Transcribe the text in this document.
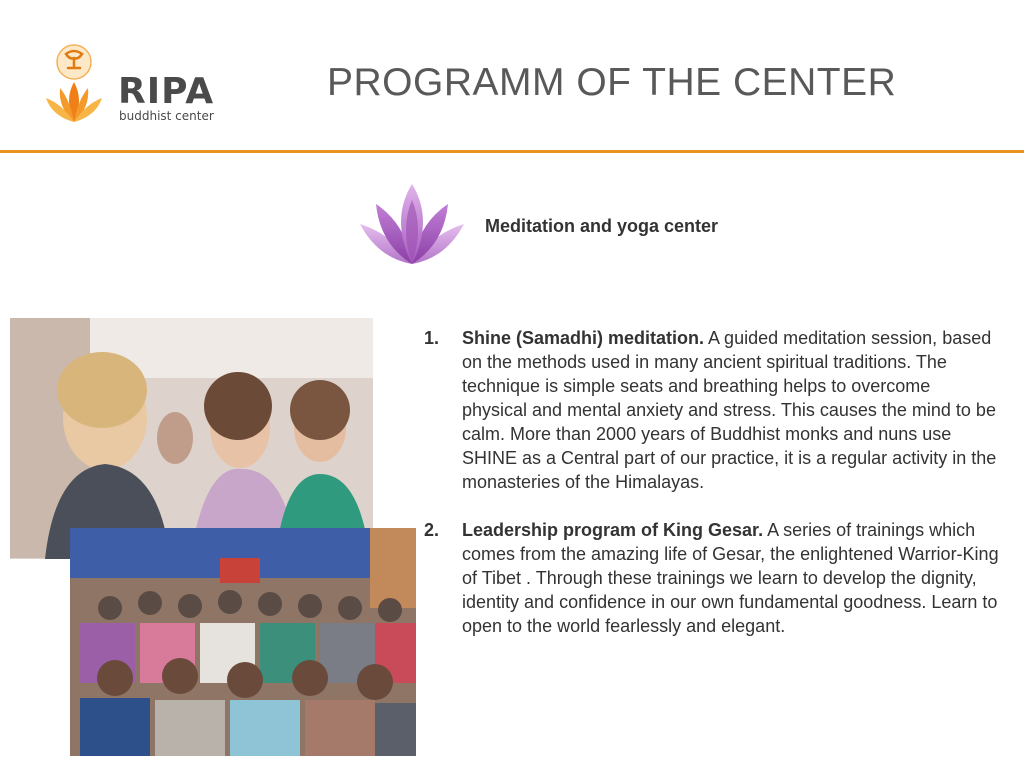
RIPA
buddhist center
PROGRAMM OF THE CENTER
Meditation and yoga center
1. Shine (Samadhi) meditation. A guided meditation session, based on the methods used in many ancient spiritual traditions. The technique is simple seats and breathing helps to overcome physical and mental anxiety and stress. This causes the mind to be calm. More than 2000 years of Buddhist monks and nuns use SHINE as a Central part of our practice, it is a regular activity in the monasteries of the Himalayas.
2. Leadership program of King Gesar. A series of trainings which comes from the amazing life of Gesar, the enlightened Warrior-King of Tibet . Through these trainings we learn to develop the dignity, identity and confidence in our own fundamental goodness. Learn to open to the world fearlessly and elegant.
